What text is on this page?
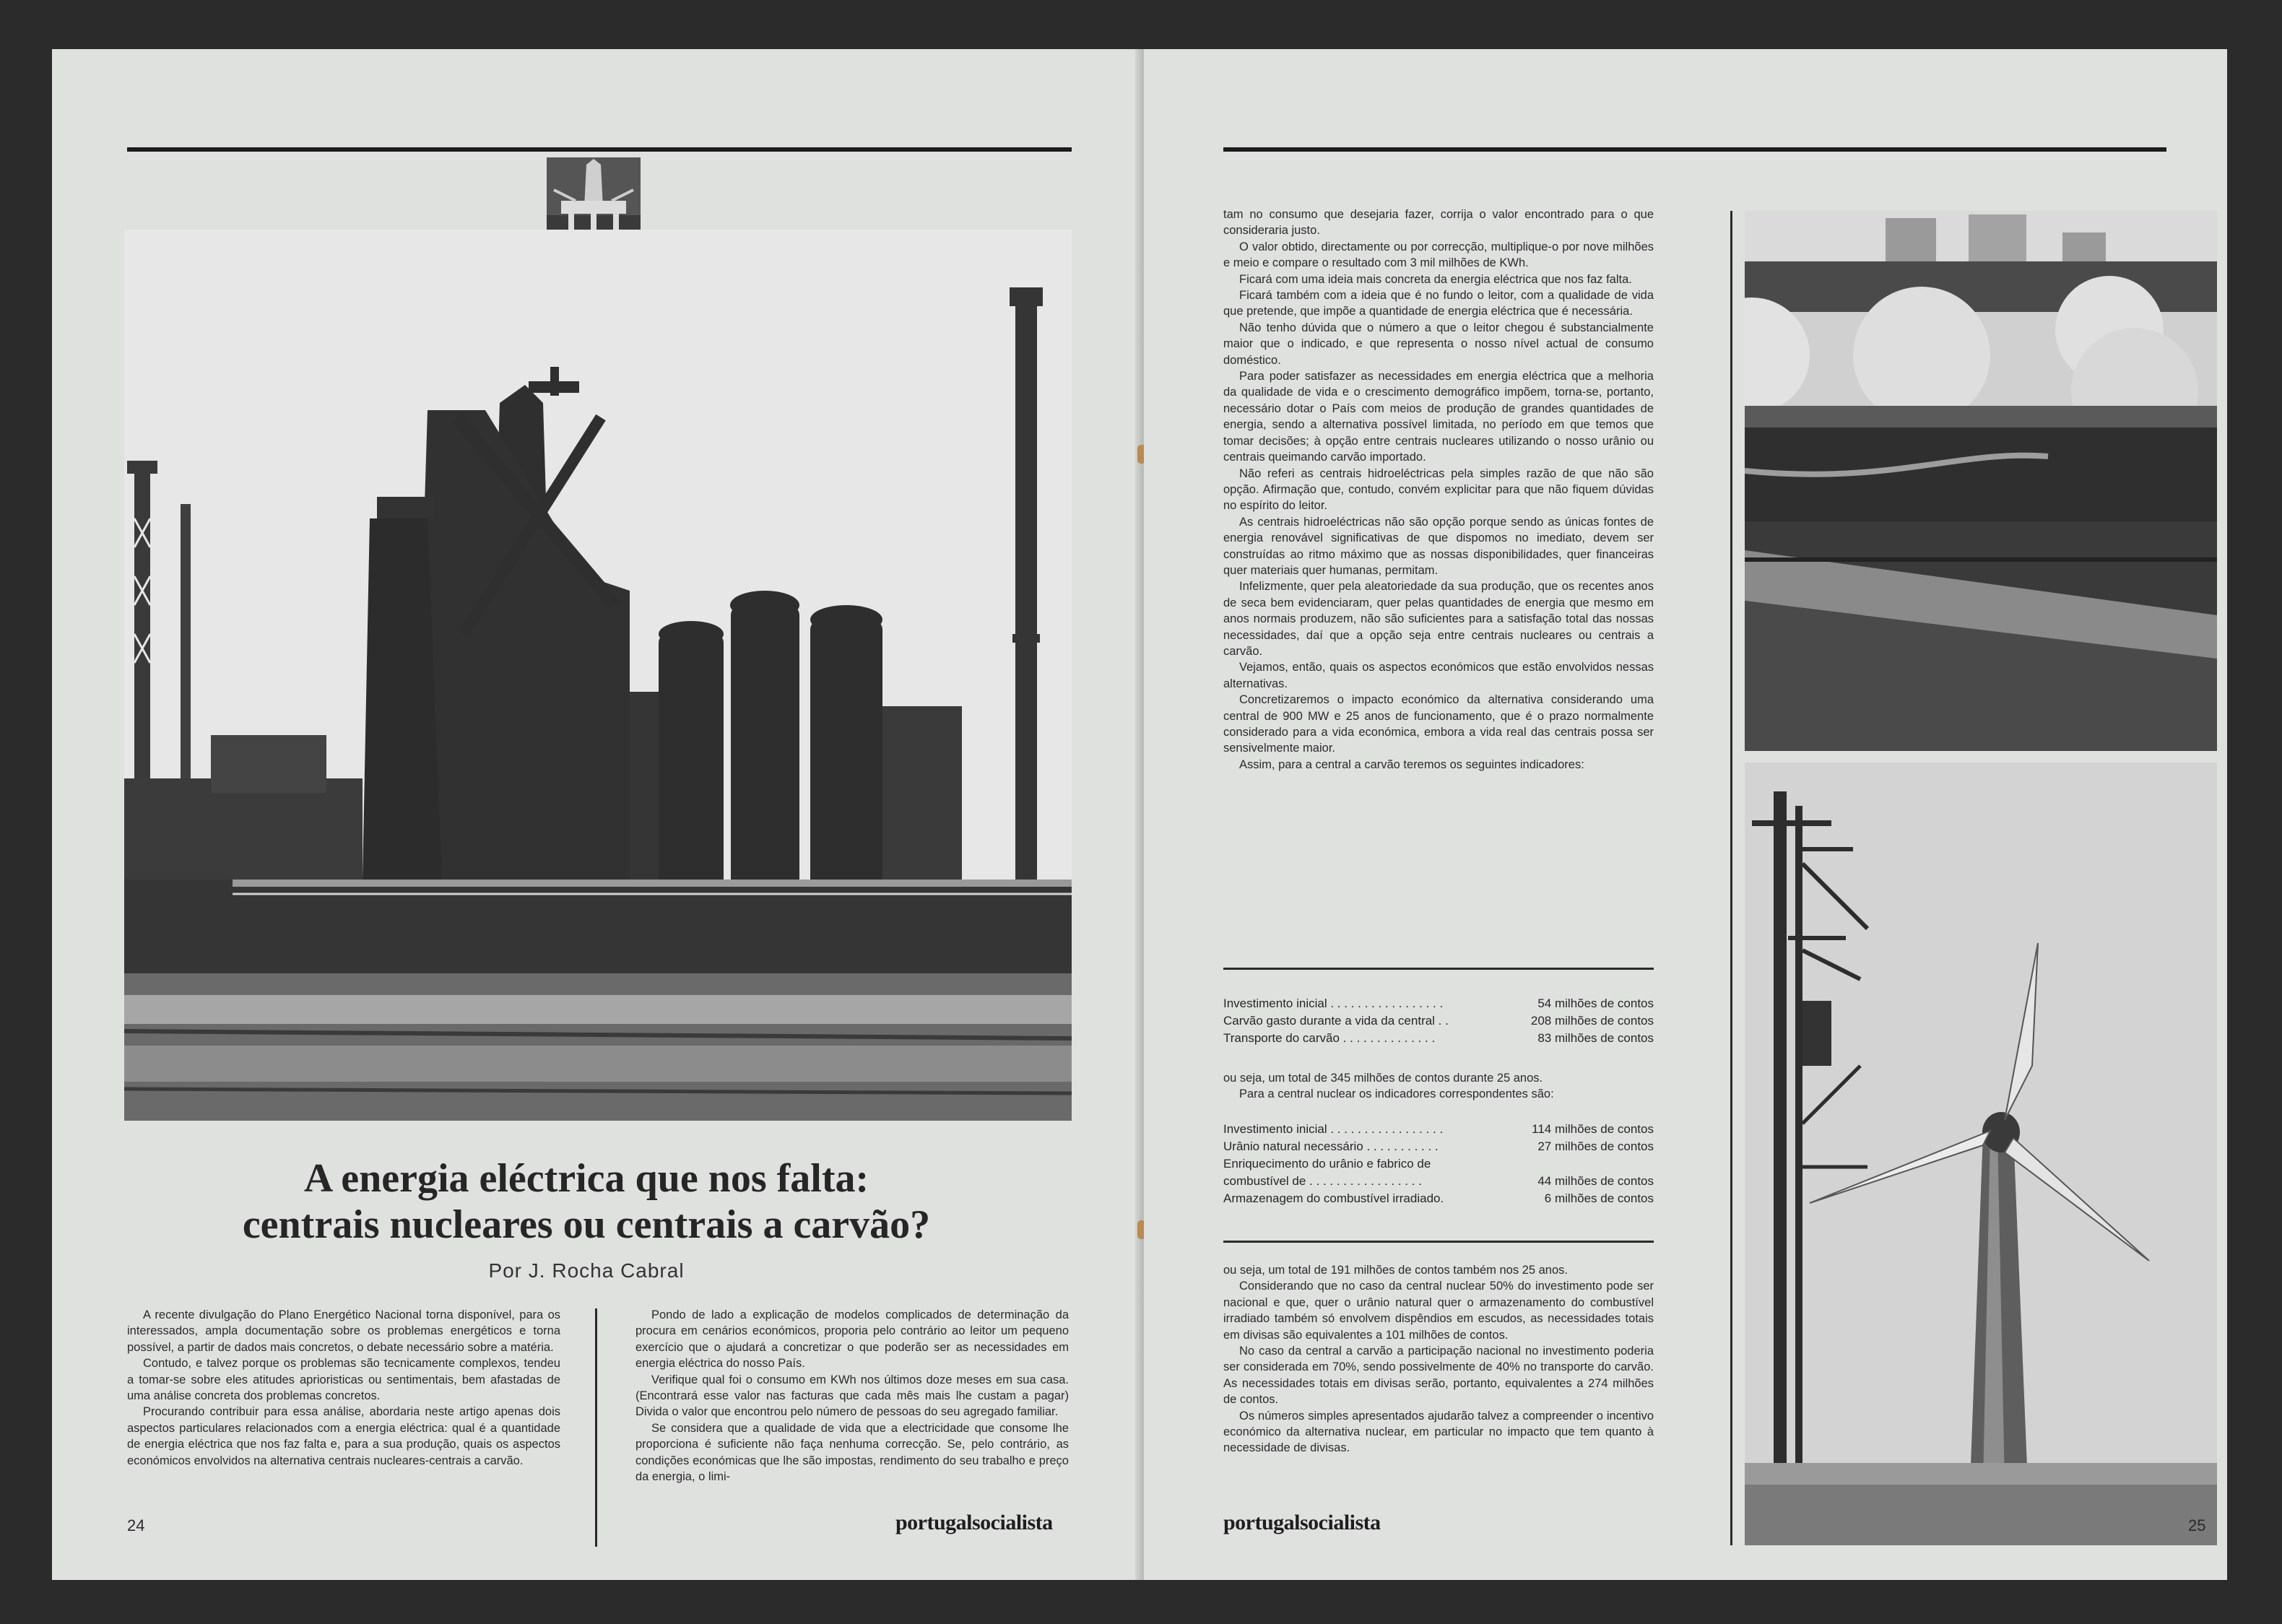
A energia eléctrica que nos falta:
centrais nucleares ou centrais a carvão?
Por J. Rocha Cabral

A recente divulgação do Plano Energético Nacional torna disponível, para os interessados, ampla documentação sobre os problemas energéticos e torna possível, a partir de dados mais concretos, o debate necessário sobre a matéria.

Contudo, e talvez porque os problemas são tecnicamente complexos, tendeu a tomar-se sobre eles atitudes aprioristicas ou sentimentais, bem afastadas de uma análise concreta dos problemas concretos.

Procurando contribuir para essa análise, abordaria neste artigo apenas dois aspectos particulares relacionados com a energia eléctrica: qual é a quantidade de energia eléctrica que nos faz falta e, para a sua produção, quais os aspectos económicos envolvidos na alternativa centrais nucleares-centrais a carvão.

Pondo de lado a explicação de modelos complicados de determinação da procura em cenários económicos, proporia pelo contrário ao leitor um pequeno exercício que o ajudará a concretizar o que poderão ser as necessidades em energia eléctrica do nosso País.

Verifique qual foi o consumo em KWh nos últimos doze meses em sua casa. (Encontrará esse valor nas facturas que cada mês mais lhe custam a pagar) Divida o valor que encontrou pelo número de pessoas do seu agregado familiar.

Se considera que a qualidade de vida que a electricidade que consome lhe proporciona é suficiente não faça nenhuma correcção. Se, pelo contrário, as condições económicas que lhe são impostas, rendimento do seu trabalho e preço da energia, o limi-

24	portugalsocialista

tam no consumo que desejaria fazer, corrija o valor encontrado para o que consideraria justo.

O valor obtido, directamente ou por correcção, multiplique-o por nove milhões e meio e compare o resultado com 3 mil milhões de KWh.

Ficará com uma ideia mais concreta da energia eléctrica que nos faz falta.

Ficará também com a ideia que é no fundo o leitor, com a qualidade de vida que pretende, que impõe a quantidade de energia eléctrica que é necessária.

Não tenho dúvida que o número a que o leitor chegou é substancialmente maior que o indicado, e que representa o nosso nível actual de consumo doméstico.

Para poder satisfazer as necessidades em energia eléctrica que a melhoria da qualidade de vida e o crescimento demográfico impõem, torna-se, portanto, necessário dotar o País com meios de produção de grandes quantidades de energia, sendo a alternativa possível limitada, no período em que temos que tomar decisões; à opção entre centrais nucleares utilizando o nosso urânio ou centrais queimando carvão importado.

Não referi as centrais hidroeléctricas pela simples razão de que não são opção. Afirmação que, contudo, convém explicitar para que não fiquem dúvidas no espírito do leitor.

As centrais hidroeléctricas não são opção porque sendo as únicas fontes de energia renovável significativas de que dispomos no imediato, devem ser construídas ao ritmo máximo que as nossas disponibilidades, quer financeiras quer materiais quer humanas, permitam.

Infelizmente, quer pela aleatoriedade da sua produção, que os recentes anos de seca bem evidenciaram, quer pelas quantidades de energia que mesmo em anos normais produzem, não são suficientes para a satisfação total das nossas necessidades, daí que a opção seja entre centrais nucleares ou centrais a carvão.

Vejamos, então, quais os aspectos económicos que estão envolvidos nessas alternativas.

Concretizaremos o impacto económico da alternativa considerando uma central de 900 MW e 25 anos de funcionamento, que é o prazo normalmente considerado para a vida económica, embora a vida real das centrais possa ser sensivelmente maior.

Assim, para a central a carvão teremos os seguintes indicadores:

Investimento inicial . . . . . . . . . . . . . . . . .	54 milhões de contos
Carvão gasto durante a vida da central . .	208 milhões de contos
Transporte do carvão . . . . . . . . . . . . . .	83 milhões de contos

ou seja, um total de 345 milhões de contos durante 25 anos.

Para a central nuclear os indicadores correspondentes são:

Investimento inicial . . . . . . . . . . . . . . . . .	114 milhões de contos
Urânio natural necessário . . . . . . . . . . .	27 milhões de contos
Enriquecimento do urânio e fabrico de
combustível de . . . . . . . . . . . . . . . . .	44 milhões de contos
Armazenagem do combustível irradiado.	6 milhões de contos

ou seja, um total de 191 milhões de contos também nos 25 anos.

Considerando que no caso da central nuclear 50% do investimento pode ser nacional e que, quer o urânio natural quer o armazenamento do combustível irradiado também só envolvem dispêndios em escudos, as necessidades totais em divisas são equivalentes a 101 milhões de contos.

No caso da central a carvão a participação nacional no investimento poderia ser considerada em 70%, sendo possivelmente de 40% no transporte do carvão. As necessidades totais em divisas serão, portanto, equivalentes a 274 milhões de contos.

Os números simples apresentados ajudarão talvez a compreender o incentivo económico da alternativa nuclear, em particular no impacto que tem quanto à necessidade de divisas.

portugalsocialista	25
